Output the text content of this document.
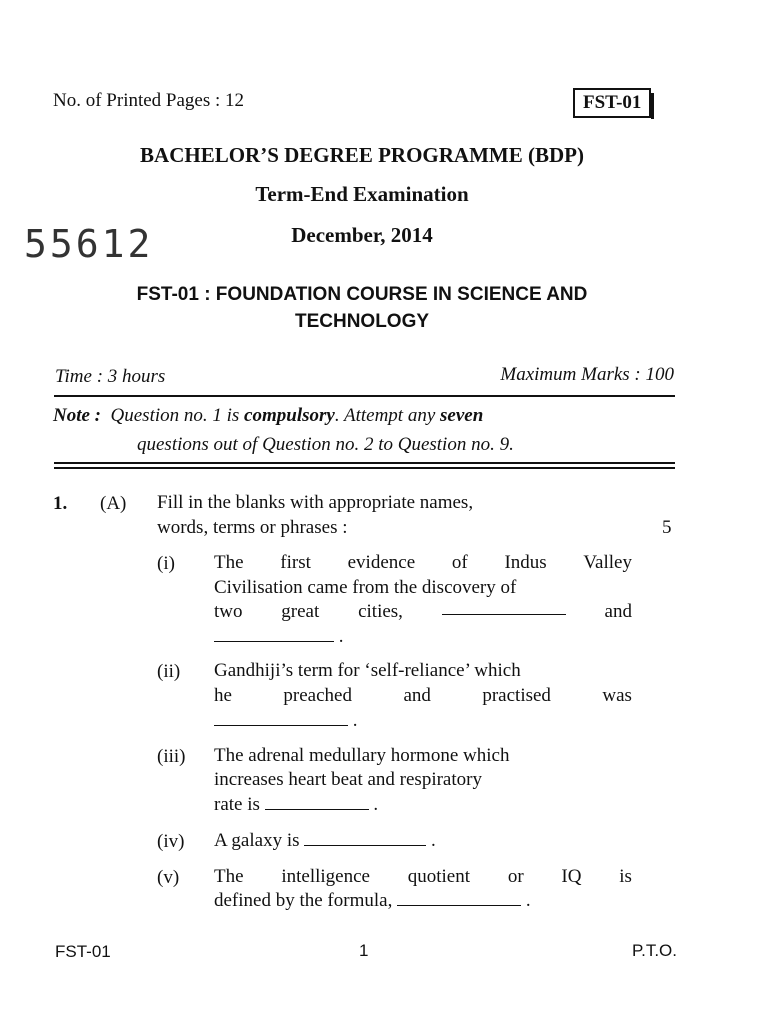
No. of Printed Pages : 12	FST-01
BACHELOR’S DEGREE PROGRAMME (BDP)
Term-End Examination
55612	December, 2014
FST-01 : FOUNDATION COURSE IN SCIENCE AND
TECHNOLOGY
Time : 3 hours	Maximum Marks : 100
Note : Question no. 1 is compulsory. Attempt any seven
questions out of Question no. 2 to Question no. 9.
1. (A) Fill in the blanks with appropriate names,
words, terms or phrases :	5
(i) The first evidence of Indus Valley
Civilisation came from the discovery of
two great cities,	and
.
(ii) Gandhiji’s term for ‘self-reliance’ which
he	preached	and	practised	was
.
(iii) The adrenal medullary hormone which
increases heart beat and respiratory
rate is	.
(iv) A galaxy is	.
(v) The intelligence quotient or IQ is
defined by the formula,	.
FST-01	1	P.T.O.
